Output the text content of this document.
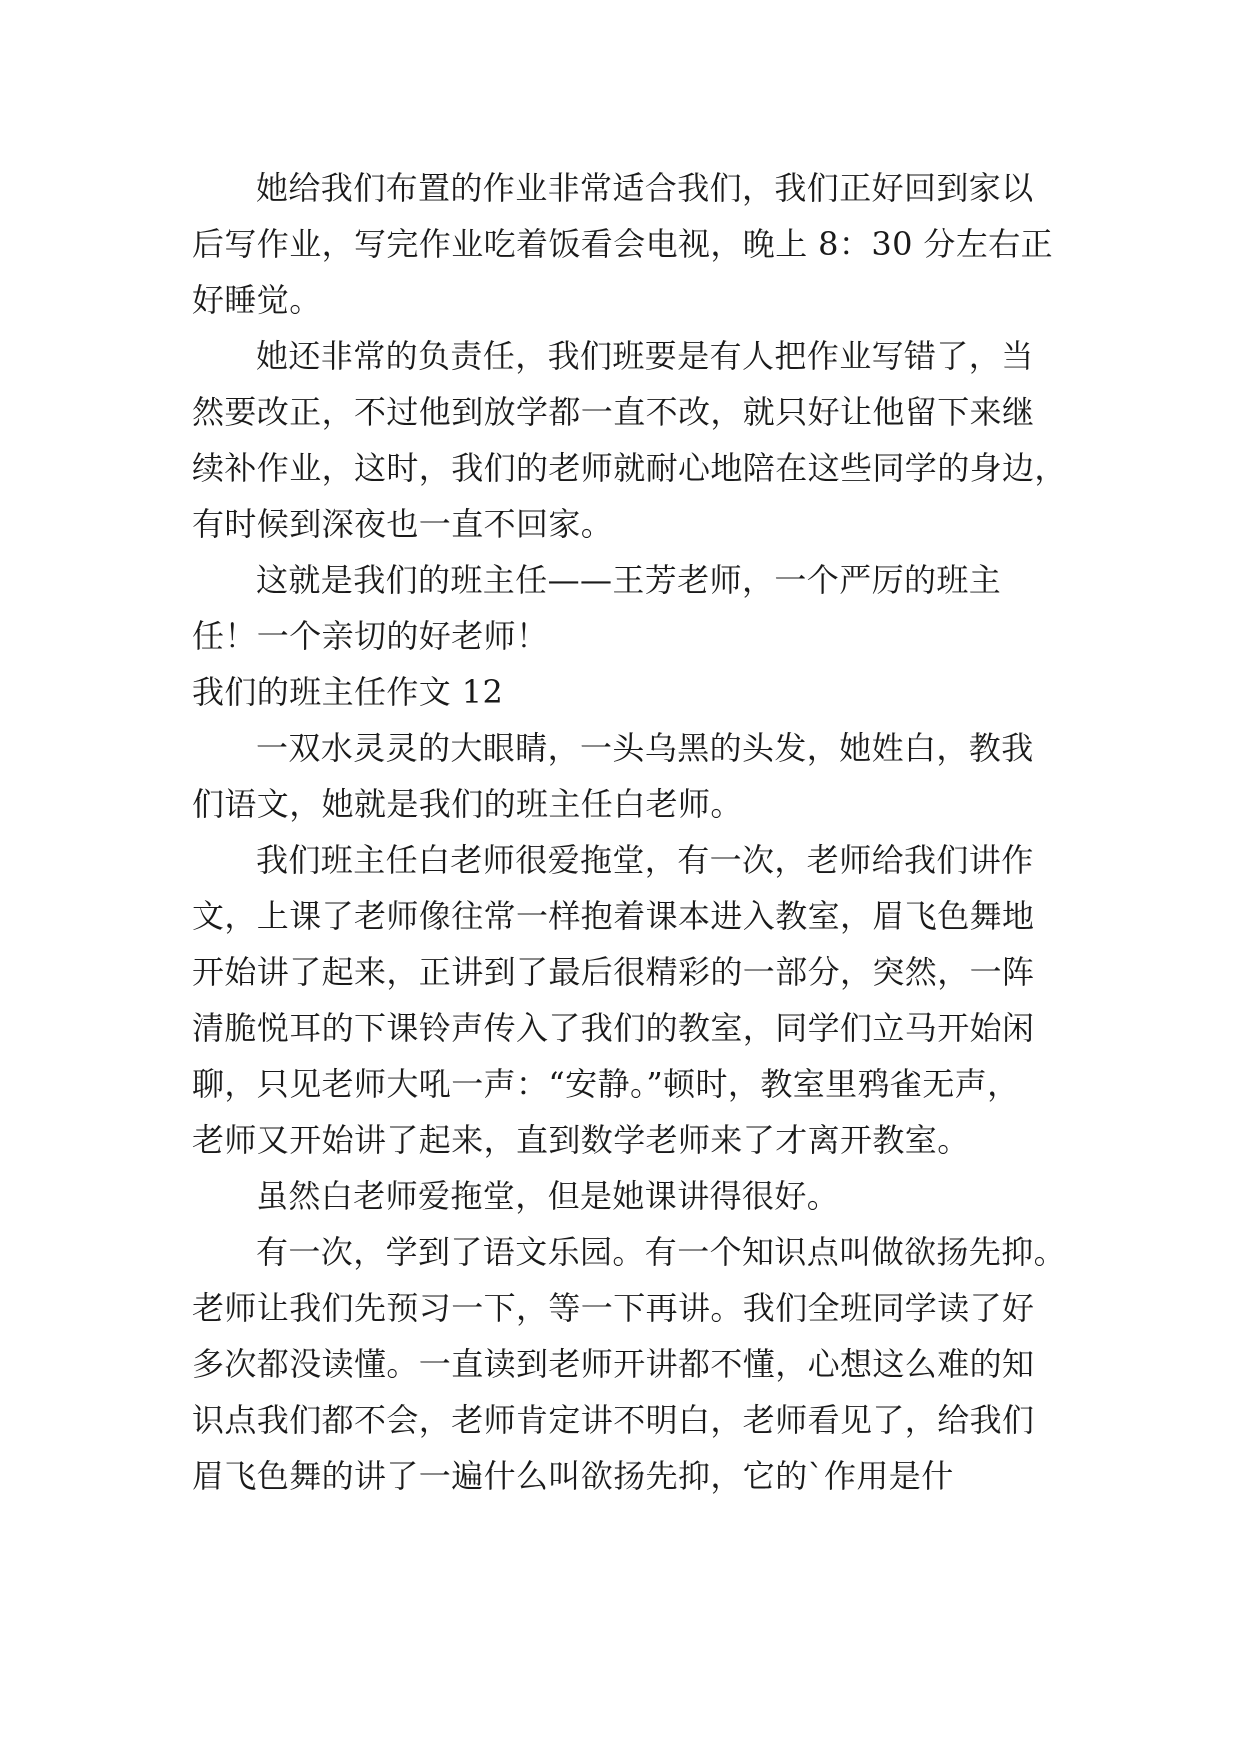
她给我们布置的作业非常适合我们，我们正好回到家以
后写作业，写完作业吃着饭看会电视，晚上 8：30 分左右正
好睡觉。
她还非常的负责任，我们班要是有人把作业写错了，当
然要改正，不过他到放学都一直不改，就只好让他留下来继
续补作业，这时，我们的老师就耐心地陪在这些同学的身边，
有时候到深夜也一直不回家。
这就是我们的班主任——王芳老师，一个严厉的班主
任！一个亲切的好老师！
我们的班主任作文 12
一双水灵灵的大眼睛，一头乌黑的头发，她姓白，教我
们语文，她就是我们的班主任白老师。
我们班主任白老师很爱拖堂，有一次，老师给我们讲作
文，上课了老师像往常一样抱着课本进入教室，眉飞色舞地
开始讲了起来，正讲到了最后很精彩的一部分，突然，一阵
清脆悦耳的下课铃声传入了我们的教室，同学们立马开始闲
聊，只见老师大吼一声：“安静。”顿时，教室里鸦雀无声，
老师又开始讲了起来，直到数学老师来了才离开教室。
虽然白老师爱拖堂，但是她课讲得很好。
有一次，学到了语文乐园。有一个知识点叫做欲扬先抑。
老师让我们先预习一下，等一下再讲。我们全班同学读了好
多次都没读懂。一直读到老师开讲都不懂，心想这么难的知
识点我们都不会，老师肯定讲不明白，老师看见了，给我们
眉飞色舞的讲了一遍什么叫欲扬先抑，它的`作用是什
